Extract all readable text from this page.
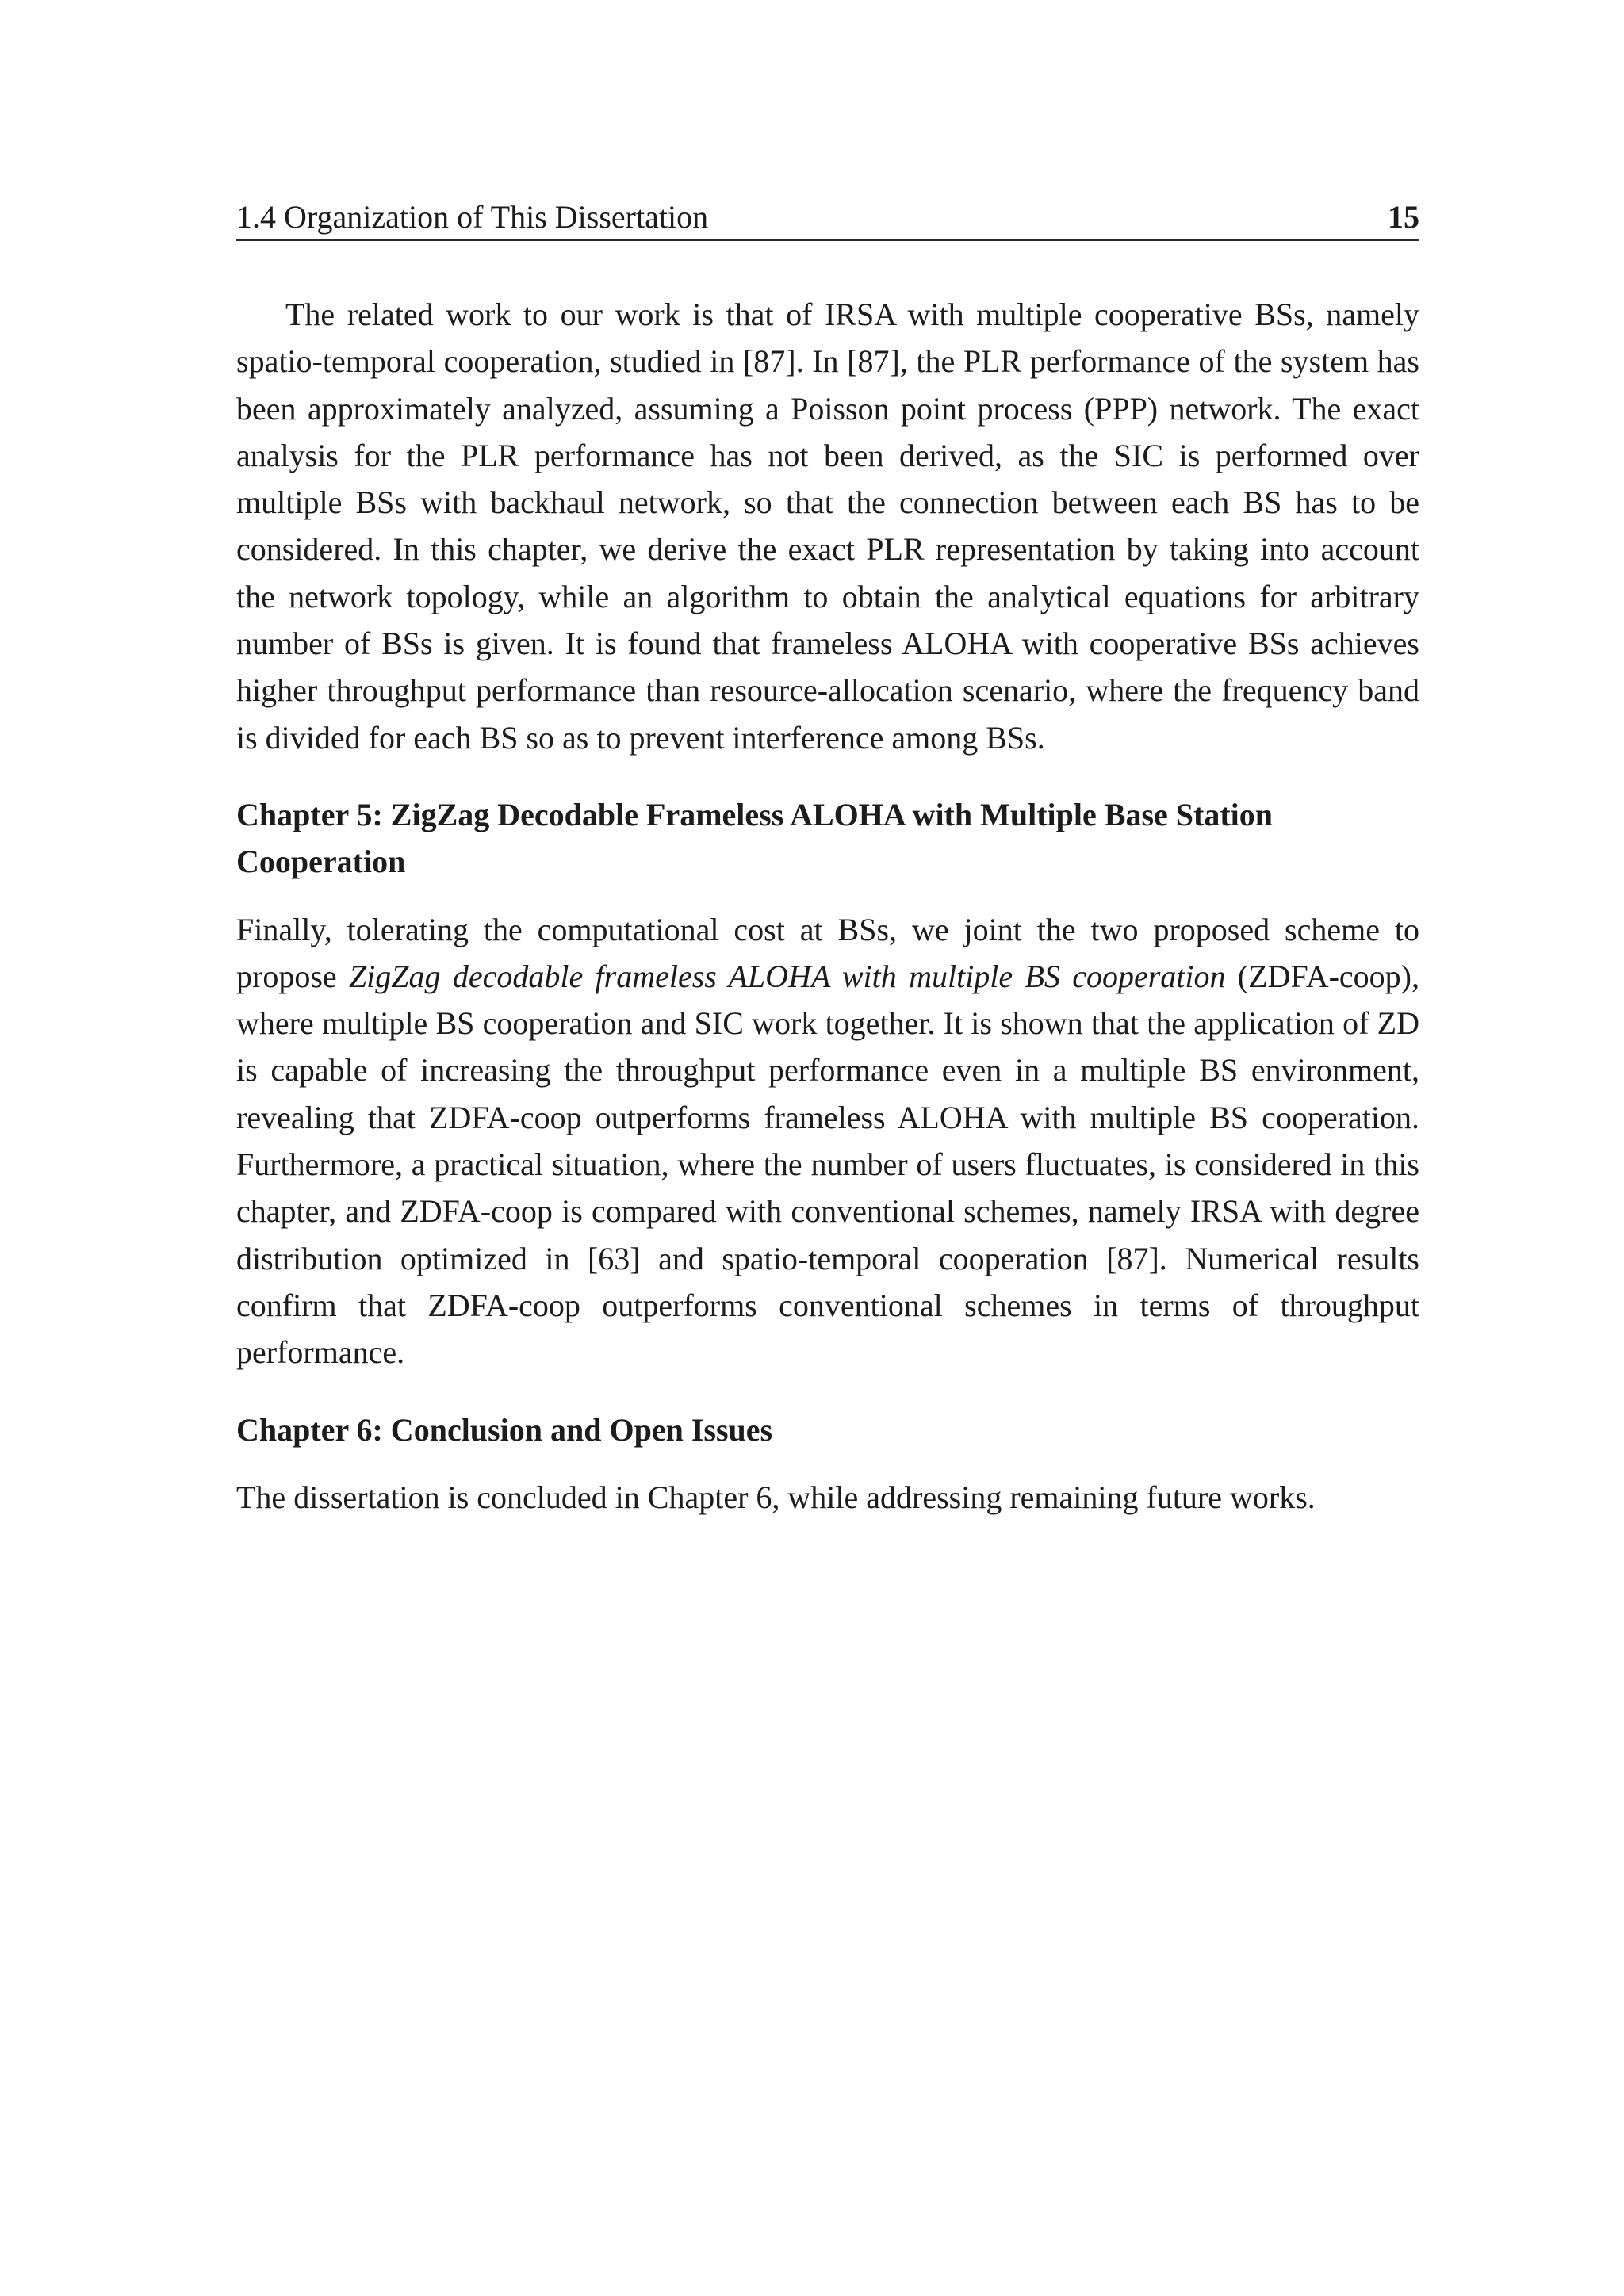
1.4 Organization of This Dissertation	15

The related work to our work is that of IRSA with multiple cooperative BSs, namely spatio-temporal cooperation, studied in [87]. In [87], the PLR performance of the system has been approximately analyzed, assuming a Poisson point process (PPP) network. The exact analysis for the PLR performance has not been derived, as the SIC is performed over multiple BSs with backhaul network, so that the connection between each BS has to be considered. In this chapter, we derive the exact PLR representation by taking into account the network topology, while an algorithm to obtain the analytical equations for arbitrary number of BSs is given. It is found that frameless ALOHA with cooperative BSs achieves higher throughput performance than resource-allocation scenario, where the frequency band is divided for each BS so as to prevent interference among BSs.

Chapter 5: ZigZag Decodable Frameless ALOHA with Multiple Base Station Cooperation

Finally, tolerating the computational cost at BSs, we joint the two proposed scheme to propose ZigZag decodable frameless ALOHA with multiple BS cooperation (ZDFA-coop), where multiple BS cooperation and SIC work together. It is shown that the application of ZD is capable of increasing the throughput performance even in a multiple BS environment, revealing that ZDFA-coop outperforms frameless ALOHA with multiple BS cooperation. Furthermore, a practical situation, where the number of users fluctuates, is considered in this chapter, and ZDFA-coop is compared with conventional schemes, namely IRSA with degree distribution optimized in [63] and spatio-temporal cooperation [87]. Numerical results confirm that ZDFA-coop outperforms conventional schemes in terms of throughput performance.

Chapter 6: Conclusion and Open Issues

The dissertation is concluded in Chapter 6, while addressing remaining future works.
